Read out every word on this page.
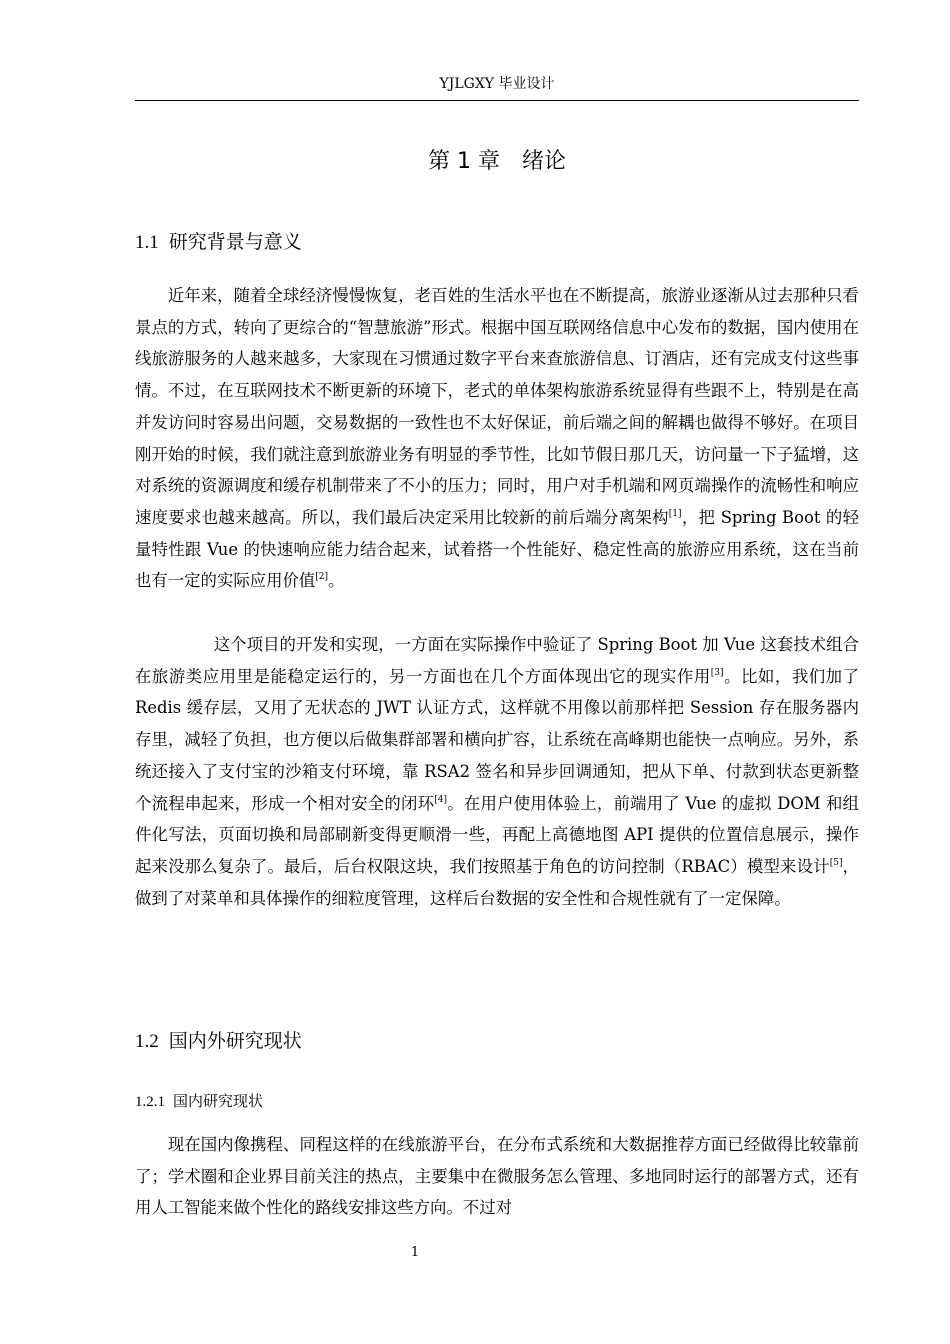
YJLGXY 毕业设计
第 1 章　绪论
1.1 研究背景与意义

近年来，随着全球经济慢慢恢复，老百姓的生活水平也在不断提高，旅游业逐渐从过去那种只看景点的方式，转向了更综合的“智慧旅游”形式。根据中国互联网络信息中心发布的数据，国内使用在线旅游服务的人越来越多，大家现在习惯通过数字平台来查旅游信息、订酒店，还有完成支付这些事情。不过，在互联网技术不断更新的环境下，老式的单体架构旅游系统显得有些跟不上，特别是在高并发访问时容易出问题，交易数据的一致性也不太好保证，前后端之间的解耦也做得不够好。在项目刚开始的时候，我们就注意到旅游业务有明显的季节性，比如节假日那几天，访问量一下子猛增，这对系统的资源调度和缓存机制带来了不小的压力；同时，用户对手机端和网页端操作的流畅性和响应速度要求也越来越高。所以，我们最后决定采用比较新的前后端分离架构[1]，把 Spring Boot 的轻量特性跟 Vue 的快速响应能力结合起来，试着搭一个性能好、稳定性高的旅游应用系统，这在当前也有一定的实际应用价值[2]。

这个项目的开发和实现，一方面在实际操作中验证了 Spring Boot 加 Vue 这套技术组合在旅游类应用里是能稳定运行的，另一方面也在几个方面体现出它的现实作用[3]。比如，我们加了 Redis 缓存层，又用了无状态的 JWT 认证方式，这样就不用像以前那样把 Session 存在服务器内存里，减轻了负担，也方便以后做集群部署和横向扩容，让系统在高峰期也能快一点响应。另外，系统还接入了支付宝的沙箱支付环境，靠 RSA2 签名和异步回调通知，把从下单、付款到状态更新整个流程串起来，形成一个相对安全的闭环[4]。在用户使用体验上，前端用了 Vue 的虚拟 DOM 和组件化写法，页面切换和局部刷新变得更顺滑一些，再配上高德地图 API 提供的位置信息展示，操作起来没那么复杂了。最后，后台权限这块，我们按照基于角色的访问控制（RBAC）模型来设计[5]，做到了对菜单和具体操作的细粒度管理，这样后台数据的安全性和合规性就有了一定保障。

1.2 国内外研究现状
1.2.1 国内研究现状

现在国内像携程、同程这样的在线旅游平台，在分布式系统和大数据推荐方面已经做得比较靠前了；学术圈和企业界目前关注的热点，主要集中在微服务怎么管理、多地同时运行的部署方式，还有用人工智能来做个性化的路线安排这些方向。不过对

1
